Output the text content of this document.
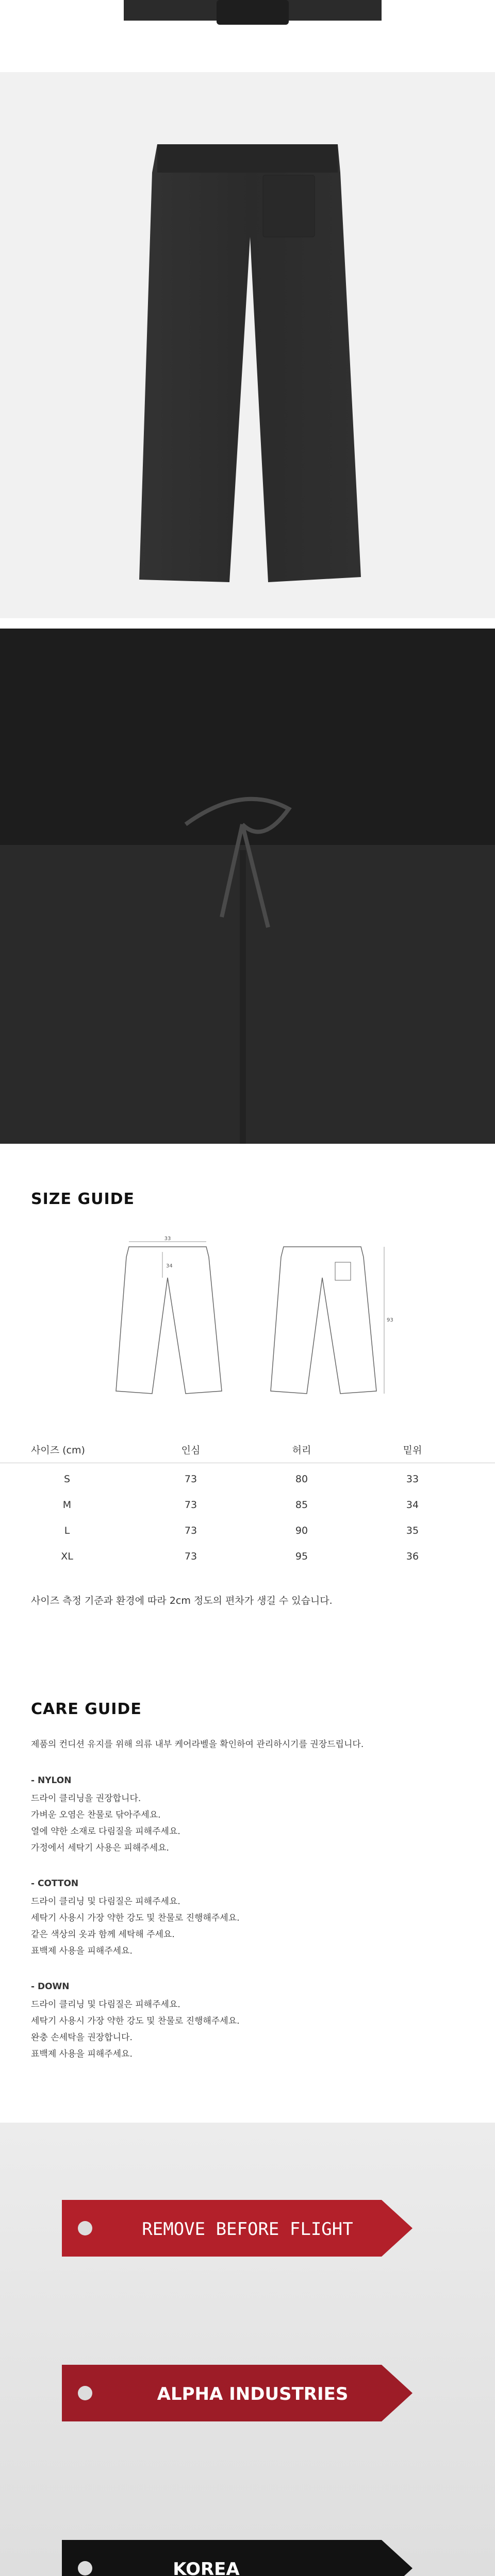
SIZE GUIDE
33
34
93
사이즈 (cm)	인심	허리	밑위
S	73	80	33
M	73	85	34
L	73	90	35
XL	73	95	36
사이즈 측정 기준과 환경에 따라 2cm 정도의 편차가 생길 수 있습니다.
CARE GUIDE
제품의 컨디션 유지를 위해 의류 내부 케어라벨을 확인하여 관리하시기를 권장드립니다.
- NYLON
드라이 클리닝을 권장합니다.
가벼운 오염은 찬물로 닦아주세요.
열에 약한 소재로 다림질을 피해주세요.
가정에서 세탁기 사용은 피해주세요.
- COTTON
드라이 클리닝 및 다림질은 피해주세요.
세탁기 사용시 가장 약한 강도 및 찬물로 진행해주세요.
같은 색상의 옷과 함께 세탁해 주세요.
표백제 사용을 피해주세요.
- DOWN
드라이 클리닝 및 다림질은 피해주세요.
세탁기 사용시 가장 약한 강도 및 찬물로 진행해주세요.
완충 손세탁을 권장합니다.
표백제 사용을 피해주세요.
REMOVE BEFORE FLIGHT
ALPHA INDUSTRIES
KOREA
